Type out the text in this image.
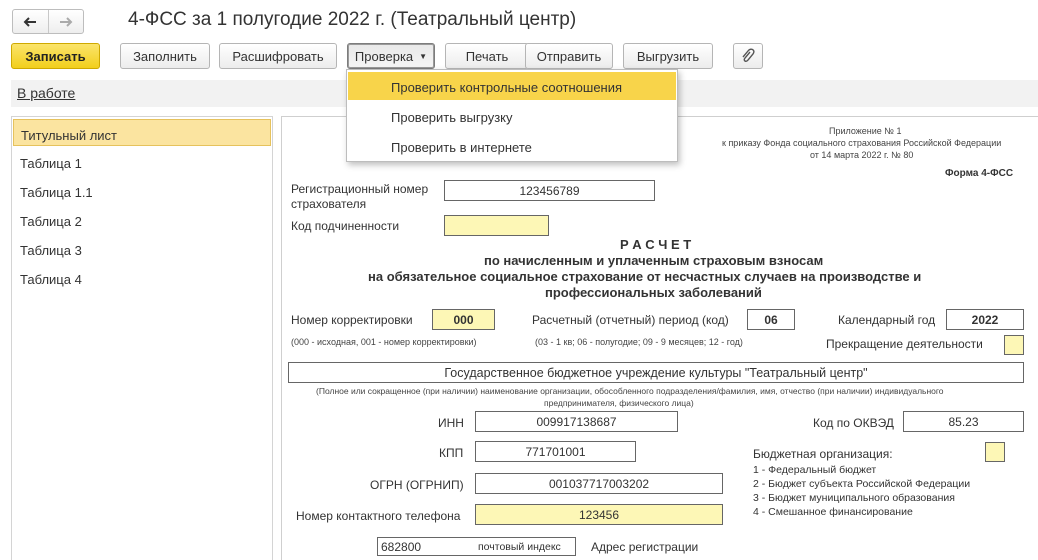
4-ФСС за 1 полугодие 2022 г. (Театральный центр)
Записать	Заполнить	Расшифровать	Проверка ▼	Печать	Отправить	Выгрузить
В работе
Титульный лист
Таблица 1
Таблица 1.1
Таблица 2
Таблица 3
Таблица 4
Приложение № 1
к приказу Фонда социального страхования Российской Федерации
от 14 марта 2022 г. № 80
Форма 4-ФСС
Регистрационный номер
страхователя
123456789
Код подчиненности
Р А С Ч Е Т
по начисленным и уплаченным страховым взносам
на обязательное социальное страхование от несчастных случаев на производстве и
профессиональных заболеваний
Номер корректировки	000
(000 - исходная, 001 - номер корректировки)
Расчетный (отчетный) период (код)	06
(03 - 1 кв; 06 - полугодие; 09 - 9 месяцев; 12 - год)
Календарный год	2022
Прекращение деятельности
Государственное бюджетное учреждение культуры "Театральный центр"
(Полное или сокращенное (при наличии) наименование организации, обособленного подразделения/фамилия, имя, отчество (при наличии) индивидуального
предпринимателя, физического лица)
ИНН	009917138687	Код по ОКВЭД	85.23
КПП	771701001	Бюджетная организация:
1 - Федеральный бюджет
2 - Бюджет субъекта Российской Федерации
3 - Бюджет муниципального образования
4 - Смешанное финансирование
ОГРН (ОГРНИП)	001037717003202
Номер контактного телефона	123456
682800	почтовый индекс	Адрес регистрации
Проверить контрольные соотношения
Проверить выгрузку
Проверить в интернете
